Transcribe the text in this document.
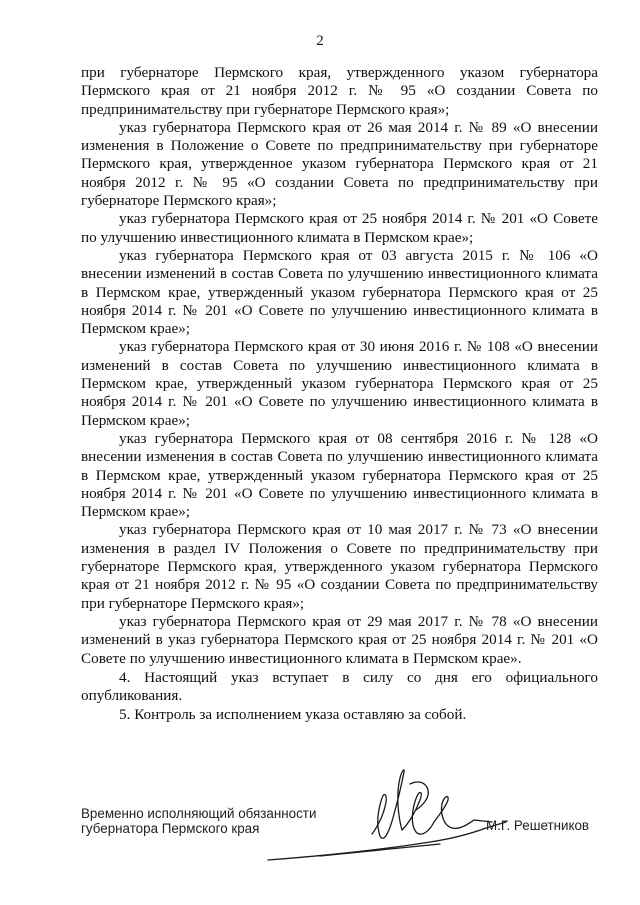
2

при губернаторе Пермского края, утвержденного указом губернатора Пермского края от 21 ноября 2012 г. № 95 «О создании Совета по предпринимательству при губернаторе Пермского края»;

указ губернатора Пермского края от 26 мая 2014 г. № 89 «О внесении изменения в Положение о Совете по предпринимательству при губернаторе Пермского края, утвержденное указом губернатора Пермского края от 21 ноября 2012 г. № 95 «О создании Совета по предпринимательству при губернаторе Пермского края»;

указ губернатора Пермского края от 25 ноября 2014 г. № 201 «О Совете по улучшению инвестиционного климата в Пермском крае»;

указ губернатора Пермского края от 03 августа 2015 г. № 106 «О внесении изменений в состав Совета по улучшению инвестиционного климата в Пермском крае, утвержденный указом губернатора Пермского края от 25 ноября 2014 г. № 201 «О Совете по улучшению инвестиционного климата в Пермском крае»;

указ губернатора Пермского края от 30 июня 2016 г. № 108 «О внесении изменений в состав Совета по улучшению инвестиционного климата в Пермском крае, утвержденный указом губернатора Пермского края от 25 ноября 2014 г. № 201 «О Совете по улучшению инвестиционного климата в Пермском крае»;

указ губернатора Пермского края от 08 сентября 2016 г. № 128 «О внесении изменения в состав Совета по улучшению инвестиционного климата в Пермском крае, утвержденный указом губернатора Пермского края от 25 ноября 2014 г. № 201 «О Совете по улучшению инвестиционного климата в Пермском крае»;

указ губернатора Пермского края от 10 мая 2017 г. № 73 «О внесении изменения в раздел IV Положения о Совете по предпринимательству при губернаторе Пермского края, утвержденного указом губернатора Пермского края от 21 ноября 2012 г. № 95 «О создании Совета по предпринимательству при губернаторе Пермского края»;

указ губернатора Пермского края от 29 мая 2017 г. № 78 «О внесении изменений в указ губернатора Пермского края от 25 ноября 2014 г. № 201 «О Совете по улучшению инвестиционного климата в Пермском крае».

4. Настоящий указ вступает в силу со дня его официального опубликования.

5. Контроль за исполнением указа оставляю за собой.

Временно исполняющий обязанности
губернатора Пермского края	М.Г. Решетников
